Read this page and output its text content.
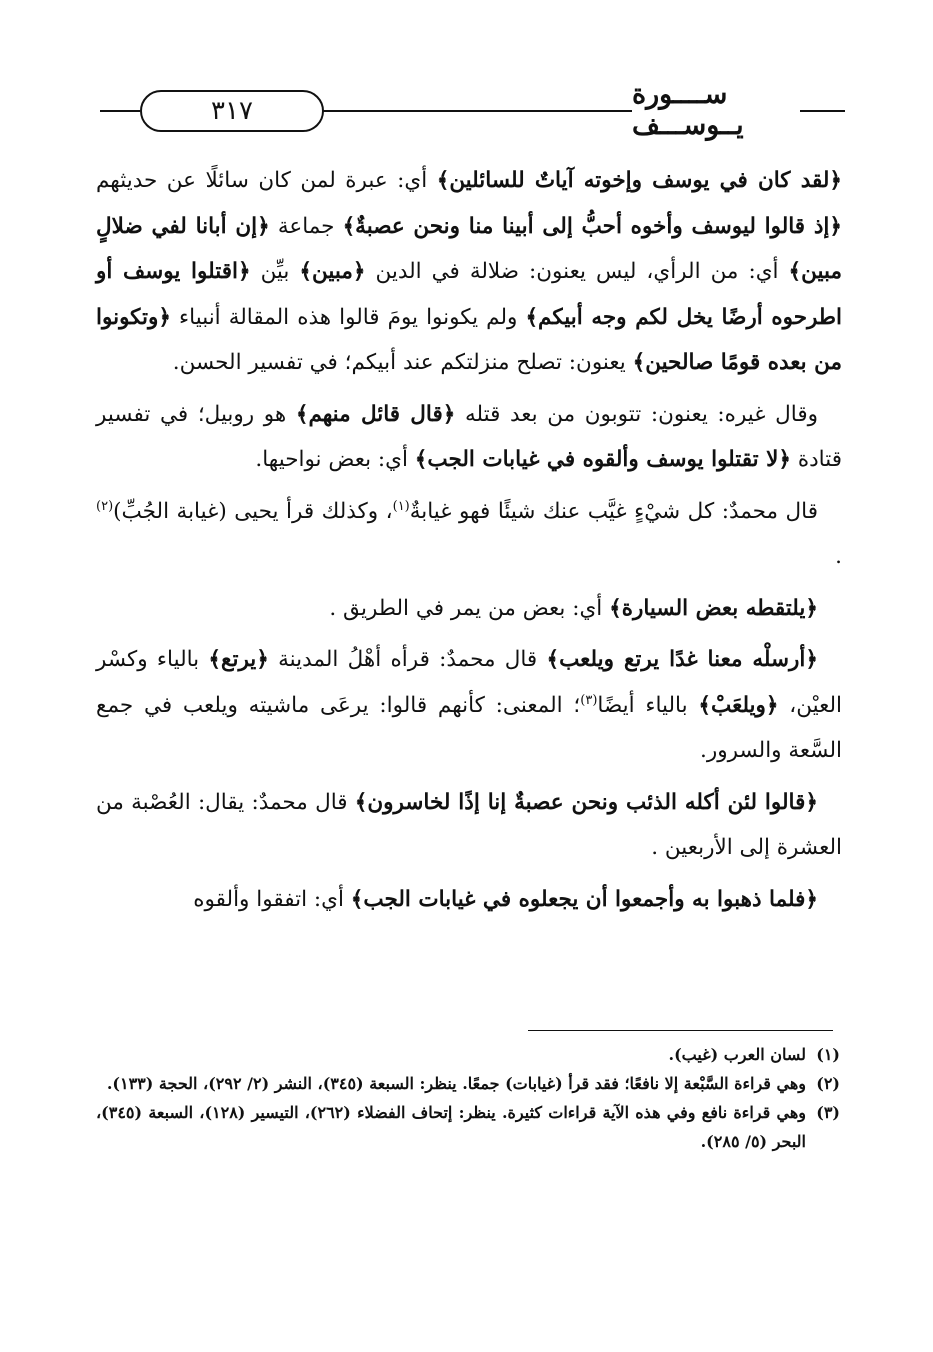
٣١٧
ســــورة يــوســـف

﴿لقد كان في يوسف وإخوته آياتٌ للسائلين﴾ أي: عبرة لمن كان سائلًا عن حديثهم ﴿إذ قالوا ليوسف وأخوه أحبُّ إلى أبينا منا ونحن عصبةٌ﴾ جماعة ﴿إن أبانا لفي ضلالٍ مبين﴾ أي: من الرأي، ليس يعنون: ضلالة في الدين ﴿مبين﴾ بيِّن ﴿اقتلوا يوسف أو اطرحوه أرضًا يخل لكم وجه أبيكم﴾ ولم يكونوا يومَ قالوا هذه المقالة أنبياء ﴿وتكونوا من بعده قومًا صالحين﴾ يعنون: تصلح منزلتكم عند أبيكم؛ في تفسير الحسن.

وقال غيره: يعنون: تتوبون من بعد قتله ﴿قال قائل منهم﴾ هو روبيل؛ في تفسير قتادة ﴿لا تقتلوا يوسف وألقوه في غيابات الجب﴾ أي: بعض نواحيها.

قال محمدٌ: كل شيْءٍ غيَّب عنك شيئًا فهو غيابةٌ$^{(١)}$، وكذلك قرأ يحيى (غيابة الجُبِّ)$^{(٢)}$ .

﴿يلتقطه بعض السيارة﴾ أي: بعض من يمر في الطريق .

﴿أرسلْه معنا غدًا يرتع ويلعب﴾ قال محمدٌ: قرأه أهْلُ المدينة ﴿يرتع﴾ بالياء وكسْر العيْن، ﴿ويلعَبْ﴾ بالياء أيضًا$^{(٣)}$؛ المعنى: كأنهم قالوا: يرعَى ماشيته ويلعب في جمع السَّعة والسرور.

﴿قالوا لئن أكله الذئب ونحن عصبةٌ إنا إذًا لخاسرون﴾ قال محمدٌ: يقال: العُصْبة من العشرة إلى الأربعين .

﴿فلما ذهبوا به وأجمعوا أن يجعلوه في غيابات الجب﴾ أي: اتفقوا وألقوه

(١)
لسان العرب (غيب).

(٢)
وهي قراءة السَّبْعة إلا نافعًا؛ فقد قرأ (غيابات) جمعًا. ينظر: السبعة (٣٤٥)، النشر (٢/ ٢٩٢)، الحجة (١٣٣).

(٣)
وهي قراءة نافع وفي هذه الآية قراءات كثيرة. ينظر: إتحاف الفضلاء (٢٦٢)، التيسير (١٢٨)، السبعة (٣٤٥)، البحر (٥/ ٢٨٥).
